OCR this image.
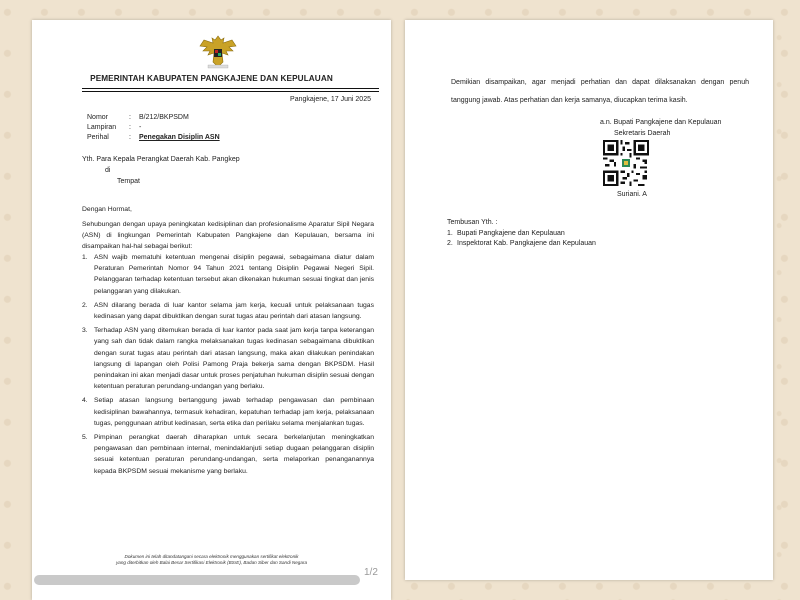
PEMERINTAH KABUPATEN PANGKAJENE DAN KEPULAUAN
Pangkajene, 17 Juni 2025
Nomor	:	B/212/BKPSDM
Lampiran	:	-
Perihal	:	Penegakan Disiplin ASN
Yth. Para Kepala Perangkat Daerah Kab. Pangkep
di
Tempat
Dengan Hormat,
Sehubungan dengan upaya peningkatan kedisiplinan dan profesionalisme Aparatur Sipil Negara (ASN) di lingkungan Pemerintah Kabupaten Pangkajene dan Kepulauan, bersama ini disampaikan hal-hal sebagai berikut:
1. ASN wajib mematuhi ketentuan mengenai disiplin pegawai, sebagaimana diatur dalam Peraturan Pemerintah Nomor 94 Tahun 2021 tentang Disiplin Pegawai Negeri Sipil. Pelanggaran terhadap ketentuan tersebut akan dikenakan hukuman sesuai tingkat dan jenis pelanggaran yang dilakukan.
2. ASN dilarang berada di luar kantor selama jam kerja, kecuali untuk pelaksanaan tugas kedinasan yang dapat dibuktikan dengan surat tugas atau perintah dari atasan langsung.
3. Terhadap ASN yang ditemukan berada di luar kantor pada saat jam kerja tanpa keterangan yang sah dan tidak dalam rangka melaksanakan tugas kedinasan sebagaimana dibuktikan dengan surat tugas atau perintah dari atasan langsung, maka akan dilakukan penindakan langsung di lapangan oleh Polisi Pamong Praja bekerja sama dengan BKPSDM. Hasil penindakan ini akan menjadi dasar untuk proses penjatuhan hukuman disiplin sesuai dengan ketentuan peraturan perundang-undangan yang berlaku.
4. Setiap atasan langsung bertanggung jawab terhadap pengawasan dan pembinaan kedisiplinan bawahannya, termasuk kehadiran, kepatuhan terhadap jam kerja, pelaksanaan tugas, penggunaan atribut kedinasan, serta etika dan perilaku selama menjalankan tugas.
5. Pimpinan perangkat daerah diharapkan untuk secara berkelanjutan meningkatkan pengawasan dan pembinaan internal, menindaklanjuti setiap dugaan pelanggaran disiplin sesuai ketentuan peraturan perundang-undangan, serta melaporkan penanganannya kepada BKPSDM sesuai mekanisme yang berlaku.
Dokumen ini telah ditandatangani secara elektronik menggunakan sertifikat elektronik
yang diterbitkan oleh Balai Besar Sertifikasi Elektronik (BSrE), Badan Siber dan Sandi Negara
1/2
Demikian disampaikan, agar menjadi perhatian dan dapat dilaksanakan dengan penuh tanggung jawab. Atas perhatian dan kerja samanya, diucapkan terima kasih.
a.n. Bupati Pangkajene dan Kepulauan
Sekretaris Daerah
Suriani. A
Tembusan Yth. :
1. Bupati Pangkajene dan Kepulauan
2. Inspektorat Kab. Pangkajene dan Kepulauan
